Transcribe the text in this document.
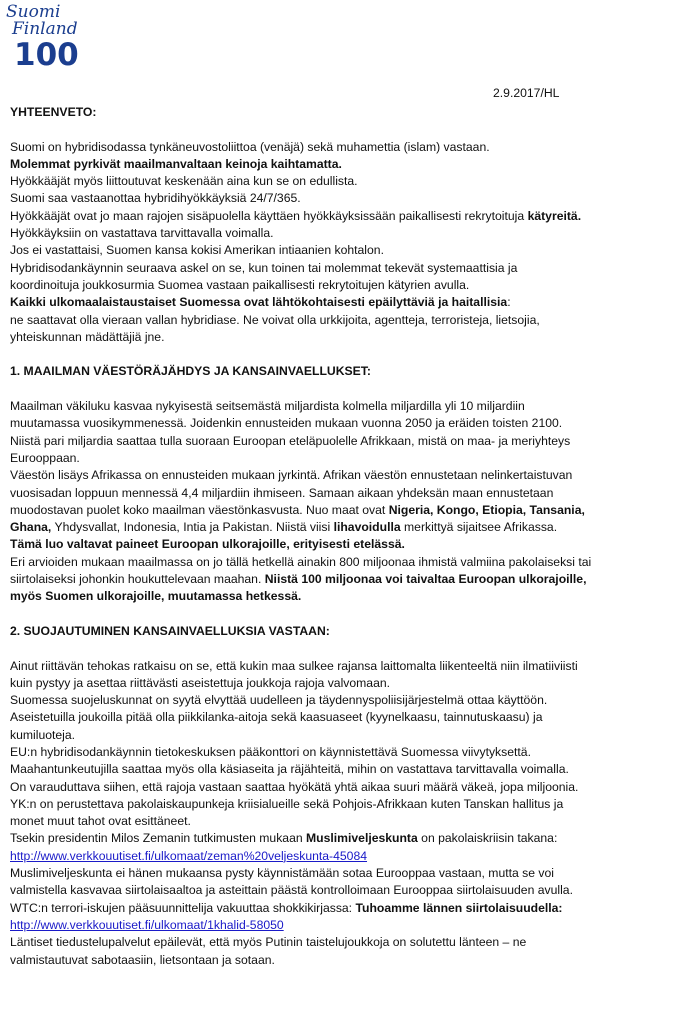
Suomi
Finland
100
2.9.2017/HL
YHTEENVETO:
Suomi on hybridisodassa tynkäneuvostoliittoa (venäjä) sekä muhamettia (islam) vastaan.
Molemmat pyrkivät maailmanvaltaan keinoja kaihtamatta.
Hyökkääjät myös liittoutuvat keskenään aina kun se on edullista.
Suomi saa vastaanottaa hybridihyökkäyksiä 24/7/365.
Hyökkääjät ovat jo maan rajojen sisäpuolella käyttäen hyökkäyksissään paikallisesti rekrytoituja kätyreitä.
Hyökkäyksiin on vastattava tarvittavalla voimalla.
Jos ei vastattaisi, Suomen kansa kokisi Amerikan intiaanien kohtalon.
Hybridisodankäynnin seuraava askel on se, kun toinen tai molemmat tekevät systemaattisia ja
koordinoituja joukkosurmia Suomea vastaan paikallisesti rekrytoitujen kätyrien avulla.
Kaikki ulkomaalaistaustaiset Suomessa ovat lähtökohtaisesti epäilyttäviä ja haitallisia:
ne saattavat olla vieraan vallan hybridiase. Ne voivat olla urkkijoita, agentteja, terroristeja, lietsojia,
yhteiskunnan mädättäjiä jne.
1. MAAILMAN VÄESTÖRÄJÄHDYS JA KANSAINVAELLUKSET:
Maailman väkiluku kasvaa nykyisestä seitsemästä miljardista kolmella miljardilla yli 10 miljardiin
muutamassa vuosikymmenessä. Joidenkin ennusteiden mukaan vuonna 2050 ja eräiden toisten 2100.
Niistä pari miljardia saattaa tulla suoraan Euroopan eteläpuolelle Afrikkaan, mistä on maa- ja meriyhteys
Eurooppaan.
Väestön lisäys Afrikassa on ennusteiden mukaan jyrkintä. Afrikan väestön ennustetaan nelinkertaistuvan
vuosisadan loppuun mennessä 4,4 miljardiin ihmiseen. Samaan aikaan yhdeksän maan ennustetaan
muodostavan puolet koko maailman väestönkasvusta. Nuo maat ovat Nigeria, Kongo, Etiopia, Tansania,
Ghana, Yhdysvallat, Indonesia, Intia ja Pakistan. Niistä viisi lihavoidulla merkittyä sijaitsee Afrikassa.
Tämä luo valtavat paineet Euroopan ulkorajoille, erityisesti etelässä.
Eri arvioiden mukaan maailmassa on jo tällä hetkellä ainakin 800 miljoonaa ihmistä valmiina pakolaiseksi tai
siirtolaiseksi johonkin houkuttelevaan maahan. Niistä 100 miljoonaa voi taivaltaa Euroopan ulkorajoille,
myös Suomen ulkorajoille, muutamassa hetkessä.
2. SUOJAUTUMINEN KANSAINVAELLUKSIA VASTAAN:
Ainut riittävän tehokas ratkaisu on se, että kukin maa sulkee rajansa laittomalta liikenteeltä niin ilmatiiviisti
kuin pystyy ja asettaa riittävästi aseistettuja joukkoja rajoja valvomaan.
Suomessa suojeluskunnat on syytä elvyttää uudelleen ja täydennyspoliisijärjestelmä ottaa käyttöön.
Aseistetuilla joukoilla pitää olla piikkilanka-aitoja sekä kaasuaseet (kyynelkaasu, tainnutuskaasu) ja
kumiluoteja.
EU:n hybridisodankäynnin tietokeskuksen pääkonttori on käynnistettävä Suomessa viivytyksettä.
Maahantunkeutujilla saattaa myös olla käsiaseita ja räjähteitä, mihin on vastattava tarvittavalla voimalla.
On varauduttava siihen, että rajoja vastaan saattaa hyökätä yhtä aikaa suuri määrä väkeä, jopa miljoonia.
YK:n on perustettava pakolaiskaupunkeja kriisialueille sekä Pohjois-Afrikkaan kuten Tanskan hallitus ja
monet muut tahot ovat esittäneet.
Tsekin presidentin Milos Zemanin tutkimusten mukaan Muslimiveljeskunta on pakolaiskriisin takana:
http://www.verkkouutiset.fi/ulkomaat/zeman%20veljeskunta-45084
Muslimiveljeskunta ei hänen mukaansa pysty käynnistämään sotaa Eurooppaa vastaan, mutta se voi
valmistella kasvavaa siirtolaisaaltoa ja asteittain päästä kontrolloimaan Eurooppaa siirtolaisuuden avulla.
WTC:n terrori-iskujen pääsuunnittelija vakuuttaa shokkikirjassa: Tuhoamme lännen siirtolaisuudella:
http://www.verkkouutiset.fi/ulkomaat/1khalid-58050
Läntiset tiedustelupalvelut epäilevät, että myös Putinin taistelujoukkoja on solutettu länteen – ne
valmistautuvat sabotaasiin, lietsontaan ja sotaan.
